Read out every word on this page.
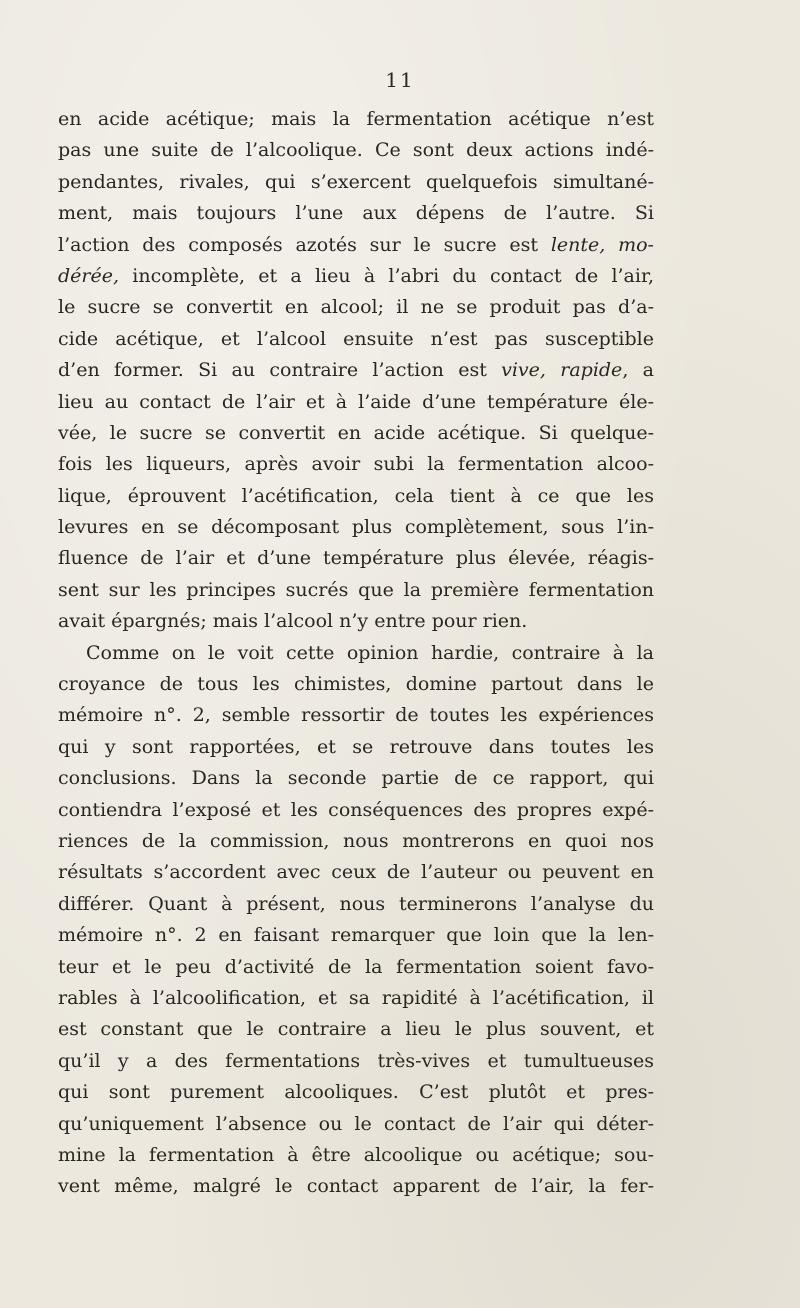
11
en acide acétique; mais la fermentation acétique n’est
pas une suite de l’alcoolique. Ce sont deux actions indé-
pendantes, rivales, qui s’exercent quelquefois simultané-
ment, mais toujours l’une aux dépens de l’autre. Si
l’action des composés azotés sur le sucre est lente, mo-
dérée, incomplète, et a lieu à l’abri du contact de l’air,
le sucre se convertit en alcool; il ne se produit pas d’a-
cide acétique, et l’alcool ensuite n’est pas susceptible
d’en former. Si au contraire l’action est vive, rapide, a
lieu au contact de l’air et à l’aide d’une température éle-
vée, le sucre se convertit en acide acétique. Si quelque-
fois les liqueurs, après avoir subi la fermentation alcoo-
lique, éprouvent l’acétification, cela tient à ce que les
levures en se décomposant plus complètement, sous l’in-
fluence de l’air et d’une température plus élevée, réagis-
sent sur les principes sucrés que la première fermentation
avait épargnés; mais l’alcool n’y entre pour rien.
Comme on le voit cette opinion hardie, contraire à la
croyance de tous les chimistes, domine partout dans le
mémoire n°. 2, semble ressortir de toutes les expériences
qui y sont rapportées, et se retrouve dans toutes les
conclusions. Dans la seconde partie de ce rapport, qui
contiendra l’exposé et les conséquences des propres expé-
riences de la commission, nous montrerons en quoi nos
résultats s’accordent avec ceux de l’auteur ou peuvent en
différer. Quant à présent, nous terminerons l’analyse du
mémoire n°. 2 en faisant remarquer que loin que la len-
teur et le peu d’activité de la fermentation soient favo-
rables à l’alcoolification, et sa rapidité à l’acétification, il
est constant que le contraire a lieu le plus souvent, et
qu’il y a des fermentations très-vives et tumultueuses
qui sont purement alcooliques. C’est plutôt et pres-
qu’uniquement l’absence ou le contact de l’air qui déter-
mine la fermentation à être alcoolique ou acétique; sou-
vent même, malgré le contact apparent de l’air, la fer-
